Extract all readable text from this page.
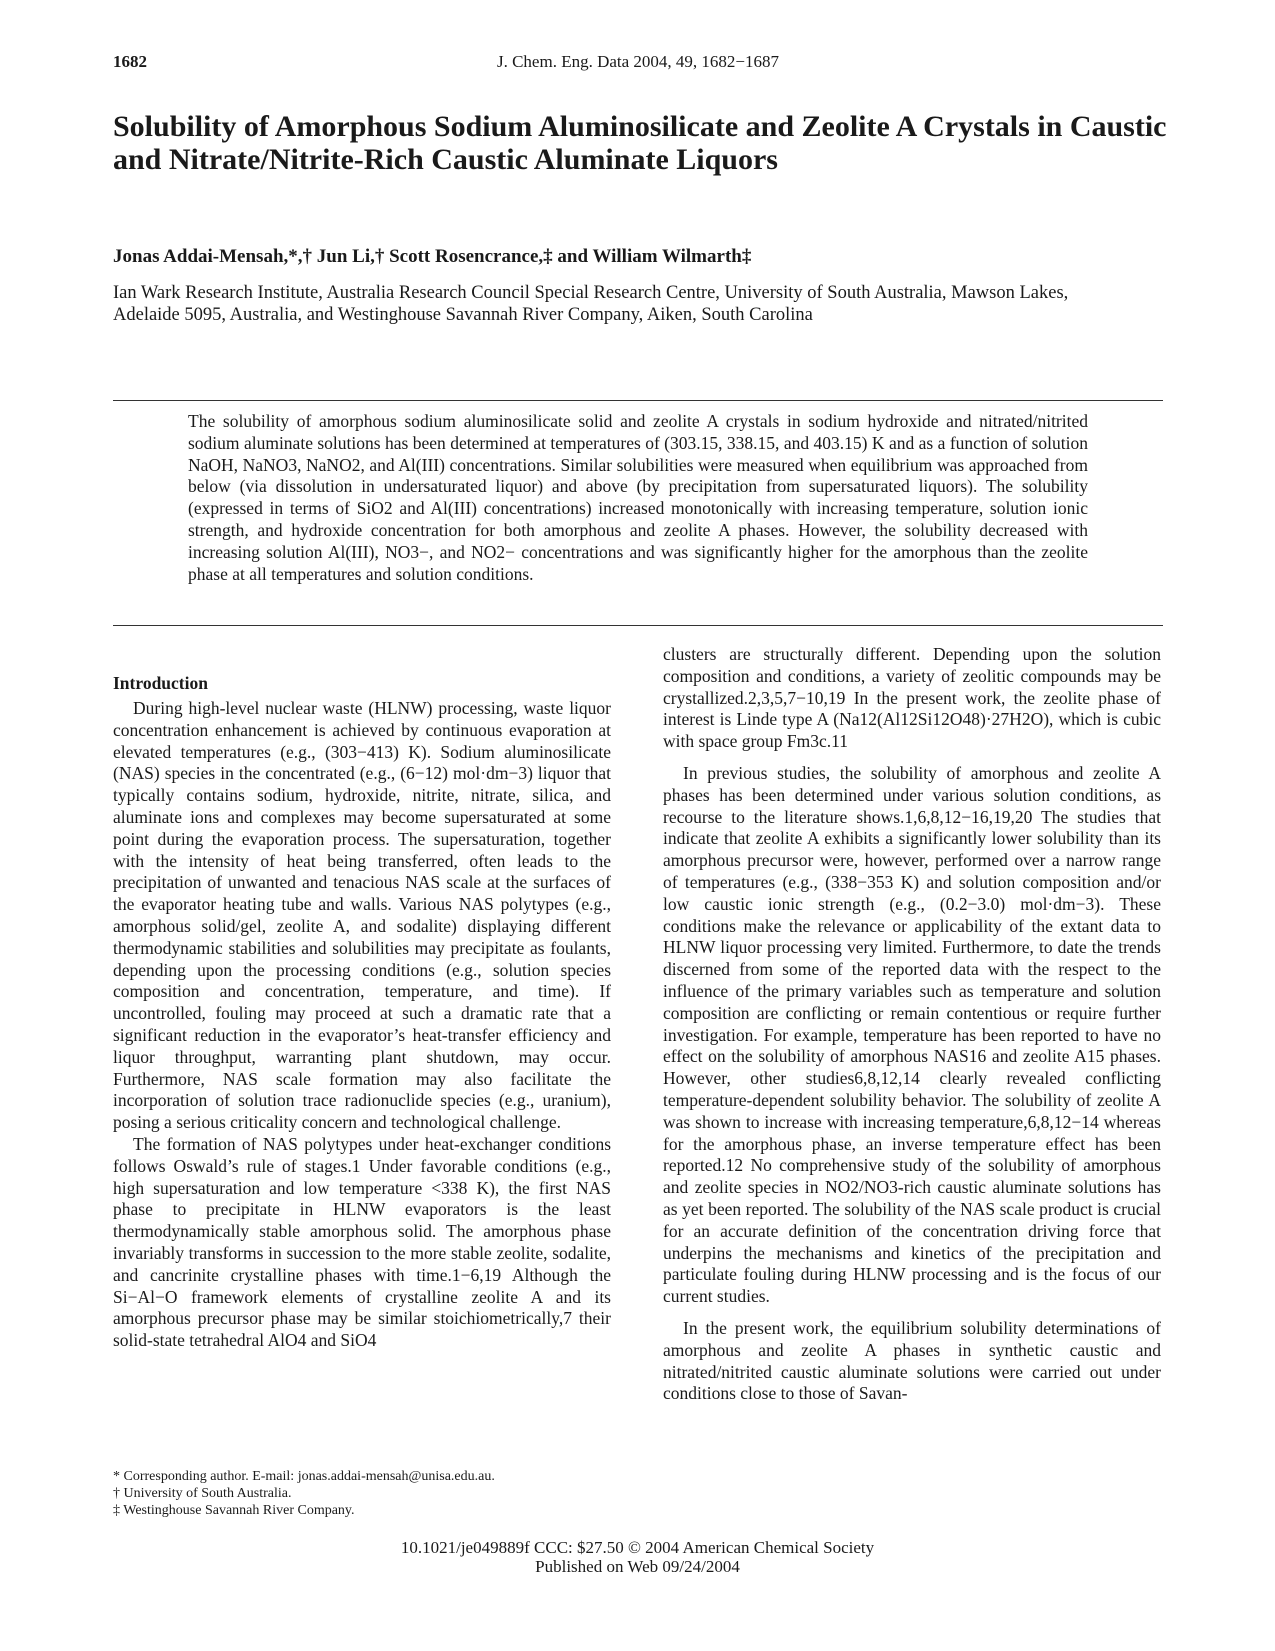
1682	J. Chem. Eng. Data 2004, 49, 1682−1687
Solubility of Amorphous Sodium Aluminosilicate and Zeolite A Crystals in Caustic and Nitrate/Nitrite-Rich Caustic Aluminate Liquors
Jonas Addai-Mensah,*,† Jun Li,† Scott Rosencrance,‡ and William Wilmarth‡
Ian Wark Research Institute, Australia Research Council Special Research Centre, University of South Australia, Mawson Lakes, Adelaide 5095, Australia, and Westinghouse Savannah River Company, Aiken, South Carolina

The solubility of amorphous sodium aluminosilicate solid and zeolite A crystals in sodium hydroxide and nitrated/nitrited sodium aluminate solutions has been determined at temperatures of (303.15, 338.15, and 403.15) K and as a function of solution NaOH, NaNO3, NaNO2, and Al(III) concentrations. Similar solubilities were measured when equilibrium was approached from below (via dissolution in undersaturated liquor) and above (by precipitation from supersaturated liquors). The solubility (expressed in terms of SiO2 and Al(III) concentrations) increased monotonically with increasing temperature, solution ionic strength, and hydroxide concentration for both amorphous and zeolite A phases. However, the solubility decreased with increasing solution Al(III), NO3−, and NO2− concentrations and was significantly higher for the amorphous than the zeolite phase at all temperatures and solution conditions.

Introduction

During high-level nuclear waste (HLNW) processing, waste liquor concentration enhancement is achieved by continuous evaporation at elevated temperatures (e.g., (303−413) K). Sodium aluminosilicate (NAS) species in the concentrated (e.g., (6−12) mol·dm−3) liquor that typically contains sodium, hydroxide, nitrite, nitrate, silica, and aluminate ions and complexes may become supersaturated at some point during the evaporation process. The supersaturation, together with the intensity of heat being transferred, often leads to the precipitation of unwanted and tenacious NAS scale at the surfaces of the evaporator heating tube and walls. Various NAS polytypes (e.g., amorphous solid/gel, zeolite A, and sodalite) displaying different thermodynamic stabilities and solubilities may precipitate as foulants, depending upon the processing conditions (e.g., solution species composition and concentration, temperature, and time). If uncontrolled, fouling may proceed at such a dramatic rate that a significant reduction in the evaporator’s heat-transfer efficiency and liquor throughput, warranting plant shutdown, may occur. Furthermore, NAS scale formation may also facilitate the incorporation of solution trace radionuclide species (e.g., uranium), posing a serious criticality concern and technological challenge.

The formation of NAS polytypes under heat-exchanger conditions follows Oswald’s rule of stages.1 Under favorable conditions (e.g., high supersaturation and low temperature <338 K), the first NAS phase to precipitate in HLNW evaporators is the least thermodynamically stable amorphous solid. The amorphous phase invariably transforms in succession to the more stable zeolite, sodalite, and cancrinite crystalline phases with time.1−6,19 Although the Si−Al−O framework elements of crystalline zeolite A and its amorphous precursor phase may be similar stoichiometrically,7 their solid-state tetrahedral AlO4 and SiO4

clusters are structurally different. Depending upon the solution composition and conditions, a variety of zeolitic compounds may be crystallized.2,3,5,7−10,19 In the present work, the zeolite phase of interest is Linde type A (Na12(Al12Si12O48)·27H2O), which is cubic with space group Fm3c.11

In previous studies, the solubility of amorphous and zeolite A phases has been determined under various solution conditions, as recourse to the literature shows.1,6,8,12−16,19,20 The studies that indicate that zeolite A exhibits a significantly lower solubility than its amorphous precursor were, however, performed over a narrow range of temperatures (e.g., (338−353 K) and solution composition and/or low caustic ionic strength (e.g., (0.2−3.0) mol·dm−3). These conditions make the relevance or applicability of the extant data to HLNW liquor processing very limited. Furthermore, to date the trends discerned from some of the reported data with the respect to the influence of the primary variables such as temperature and solution composition are conflicting or remain contentious or require further investigation. For example, temperature has been reported to have no effect on the solubility of amorphous NAS16 and zeolite A15 phases. However, other studies6,8,12,14 clearly revealed conflicting temperature-dependent solubility behavior. The solubility of zeolite A was shown to increase with increasing temperature,6,8,12−14 whereas for the amorphous phase, an inverse temperature effect has been reported.12 No comprehensive study of the solubility of amorphous and zeolite species in NO2/NO3-rich caustic aluminate solutions has as yet been reported. The solubility of the NAS scale product is crucial for an accurate definition of the concentration driving force that underpins the mechanisms and kinetics of the precipitation and particulate fouling during HLNW processing and is the focus of our current studies.

In the present work, the equilibrium solubility determinations of amorphous and zeolite A phases in synthetic caustic and nitrated/nitrited caustic aluminate solutions were carried out under conditions close to those of Savan-

* Corresponding author. E-mail: jonas.addai-mensah@unisa.edu.au.
† University of South Australia.
‡ Westinghouse Savannah River Company.
10.1021/je049889f CCC: $27.50 © 2004 American Chemical Society
Published on Web 09/24/2004
